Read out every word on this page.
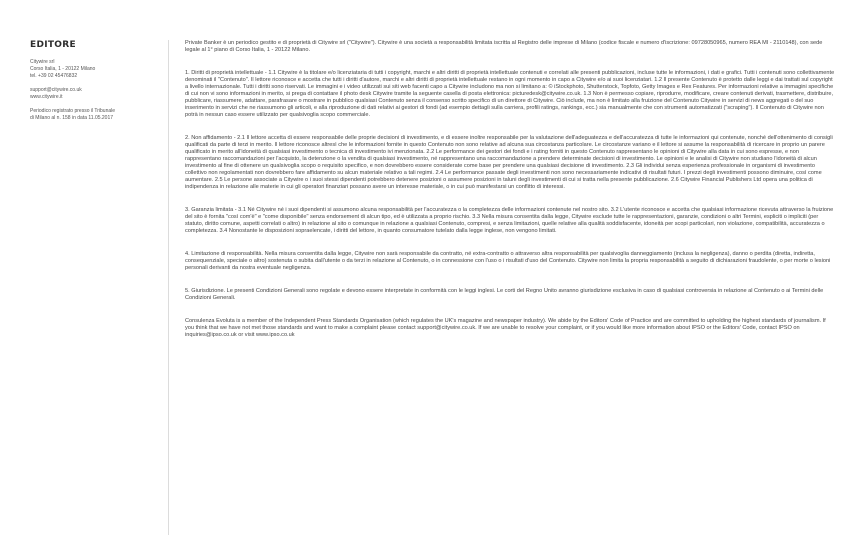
EDITORE
Citywire srl
Corso Italia, 1 - 20122 Milano
tel. +39 02 45476832
support@citywire.co.uk
www.citywire.it
Periodico registrato presso il Tribunale
di Milano al n. 158 in data 11.05.2017

Private Banker è un periodico gestito e di proprietà di Citywire srl ("Citywire"). Citywire è una società a responsabilità limitata iscritta al Registro delle imprese di Milano (codice fiscale e numero d'iscrizione: 09728050965, numero REA MI - 2110148), con sede legale al 1° piano di Corso Italia, 1 - 20122 Milano.

1. Diritti di proprietà intellettuale - 1.1 Citywire è la titolare e/o licenziataria di tutti i copyright, marchi e altri diritti di proprietà intellettuale contenuti e correlati alle presenti pubblicazioni, incluse tutte le informazioni, i dati e grafici. Tutti i contenuti sono collettivamente denominati il "Contenuto". Il lettore riconosce e accetta che tutti i diritti d'autore, marchi e altri diritti di proprietà intellettuale restano in ogni momento in capo a Citywire e/o ai suoi licenziatari. 1.2 Il presente Contenuto è protetto dalle leggi e dai trattati sul copyright a livello internazionale. Tutti i diritti sono riservati. Le immagini e i video utilizzati sui siti web facenti capo a Citywire includono ma non si limitano a: © iStockphoto, Shutterstock, Topfoto, Getty Images e Rex Features. Per informazioni relative a immagini specifiche di cui non vi sono informazioni in merito, si prega di contattare il photo desk Citywire tramite la seguente casella di posta elettronica: picturedesk@citywire.co.uk. 1.3 Non è permesso copiare, riprodurre, modificare, creare contenuti derivati, trasmettere, distribuire, pubblicare, riassumere, adattare, parafrasare o mostrare in pubblico qualsiasi Contenuto senza il consenso scritto specifico di un direttore di Citywire. Ciò include, ma non è limitato alla fruizione del Contenuto Citywire in servizi di news aggregati o del suo inserimento in servizi che ne riassumono gli articoli, e alla riproduzione di dati relativi ai gestori di fondi (ad esempio dettagli sulla carriera, profili ratings, rankings, ecc.) sia manualmente che con strumenti automatizzati ("scraping"). Il Contenuto di Citywire non potrà in nessun caso essere utilizzato per qualsivoglia scopo commerciale.

2. Non affidamento - 2.1 Il lettore accetta di essere responsabile delle proprie decisioni di investimento, e di essere inoltre responsabile per la valutazione dell'adeguatezza e dell'accuratezza di tutte le informazioni qui contenute, nonché dell'ottenimento di consigli qualificati da parte di terzi in merito. Il lettore riconosce altresì che le informazioni fornite in questo Contenuto non sono relative ad alcuna sua circostanza particolare. Le circostanze variano e il lettore si assume la responsabilità di ricercare in proprio un parere qualificato in merito all'idoneità di qualsiasi investimento o tecnica di investimento ivi menzionata. 2.2 Le performance dei gestori dei fondi e i rating forniti in questo Contenuto rappresentano le opinioni di Citywire alla data in cui sono espresse, e non rappresentano raccomandazioni per l'acquisto, la detenzione o la vendita di qualsiasi investimento, né rappresentano una raccomandazione a prendere determinate decisioni di investimento. Le opinioni e le analisi di Citywire non studiano l'idoneità di alcun investimento al fine di ottenere un qualsivoglia scopo o requisito specifico, e non dovrebbero essere considerate come base per prendere una qualsiasi decisione di investimento. 2.3 Gli individui senza esperienza professionale in organismi di investimento collettivo non regolamentati non dovrebbero fare affidamento su alcun materiale relativo a tali regimi. 2.4 Le performance passate degli investimenti non sono necessariamente indicativi di risultati futuri. I prezzi degli investimenti possono diminuire, così come aumentare. 2.5 Le persone associate a Citywire o i suoi stessi dipendenti potrebbero detenere posizioni o assumere posizioni in taluni degli investimenti di cui si tratta nella presente pubblicazione. 2.6 Citywire Financial Publishers Ltd opera una politica di indipendenza in relazione alle materie in cui gli operatori finanziari possano avere un interesse materiale, o in cui può manifestarsi un conflitto di interessi.

3. Garanzia limitata - 3.1 Né Citywire né i suoi dipendenti si assumono alcuna responsabilità per l'accuratezza o la completezza delle informazioni contenute nel nostro sito. 3.2 L'utente riconosce e accetta che qualsiasi informazione ricevuta attraverso la fruizione del sito è fornita "così com'è" e "come disponibile" senza endorsement di alcun tipo, ed è utilizzata a proprio rischio. 3.3 Nella misura consentita dalla legge, Citywire esclude tutte le rappresentazioni, garanzie, condizioni o altri Termini, espliciti o impliciti (per statuto, diritto comune, aspetti correlati o altro) in relazione al sito o comunque in relazione a qualsiasi Contenuto, compresi, e senza limitazioni, quelle relative alla qualità soddisfacente, idoneità per scopi particolari, non violazione, compatibilità, accuratezza o completezza. 3.4 Nonostante le disposizioni sopraelencate, i diritti del lettore, in quanto consumatore tutelato dalla legge inglese, non vengono limitati.

4. Limitazione di responsabilità. Nella misura consentita dalla legge, Citywire non sarà responsabile da contratto, né extra-contratto o attraverso altra responsabilità per qualsivoglia danneggiamento (inclusa la negligenza), danno o perdita (diretta, indiretta, consequenziale, speciale o altro) sostenuta o subita dall'utente o da terzi in relazione al Contenuto, o in connessione con l'uso o i risultati d'uso del Contenuto. Citywire non limita la propria responsabilità a seguito di dichiarazioni fraudolente, o per morte o lesioni personali derivanti da nostra eventuale negligenza.

5. Giurisdizione. Le presenti Condizioni Generali sono regolate e devono essere interpretate in conformità con le leggi inglesi. Le corti del Regno Unito avranno giurisdizione esclusiva in caso di qualsiasi controversia in relazione al Contenuto o ai Termini delle Condizioni Generali.

Consulenza Evoluta is a member of the Independent Press Standards Organisation (which regulates the UK's magazine and newspaper industry). We abide by the Editors' Code of Practice and are committed to upholding the highest standards of journalism. If you think that we have not met those standards and want to make a complaint please contact support@citywire.co.uk. If we are unable to resolve your complaint, or if you would like more information about IPSO or the Editors' Code, contact IPSO on inquiries@ipso.co.uk or visit www.ipso.co.uk
